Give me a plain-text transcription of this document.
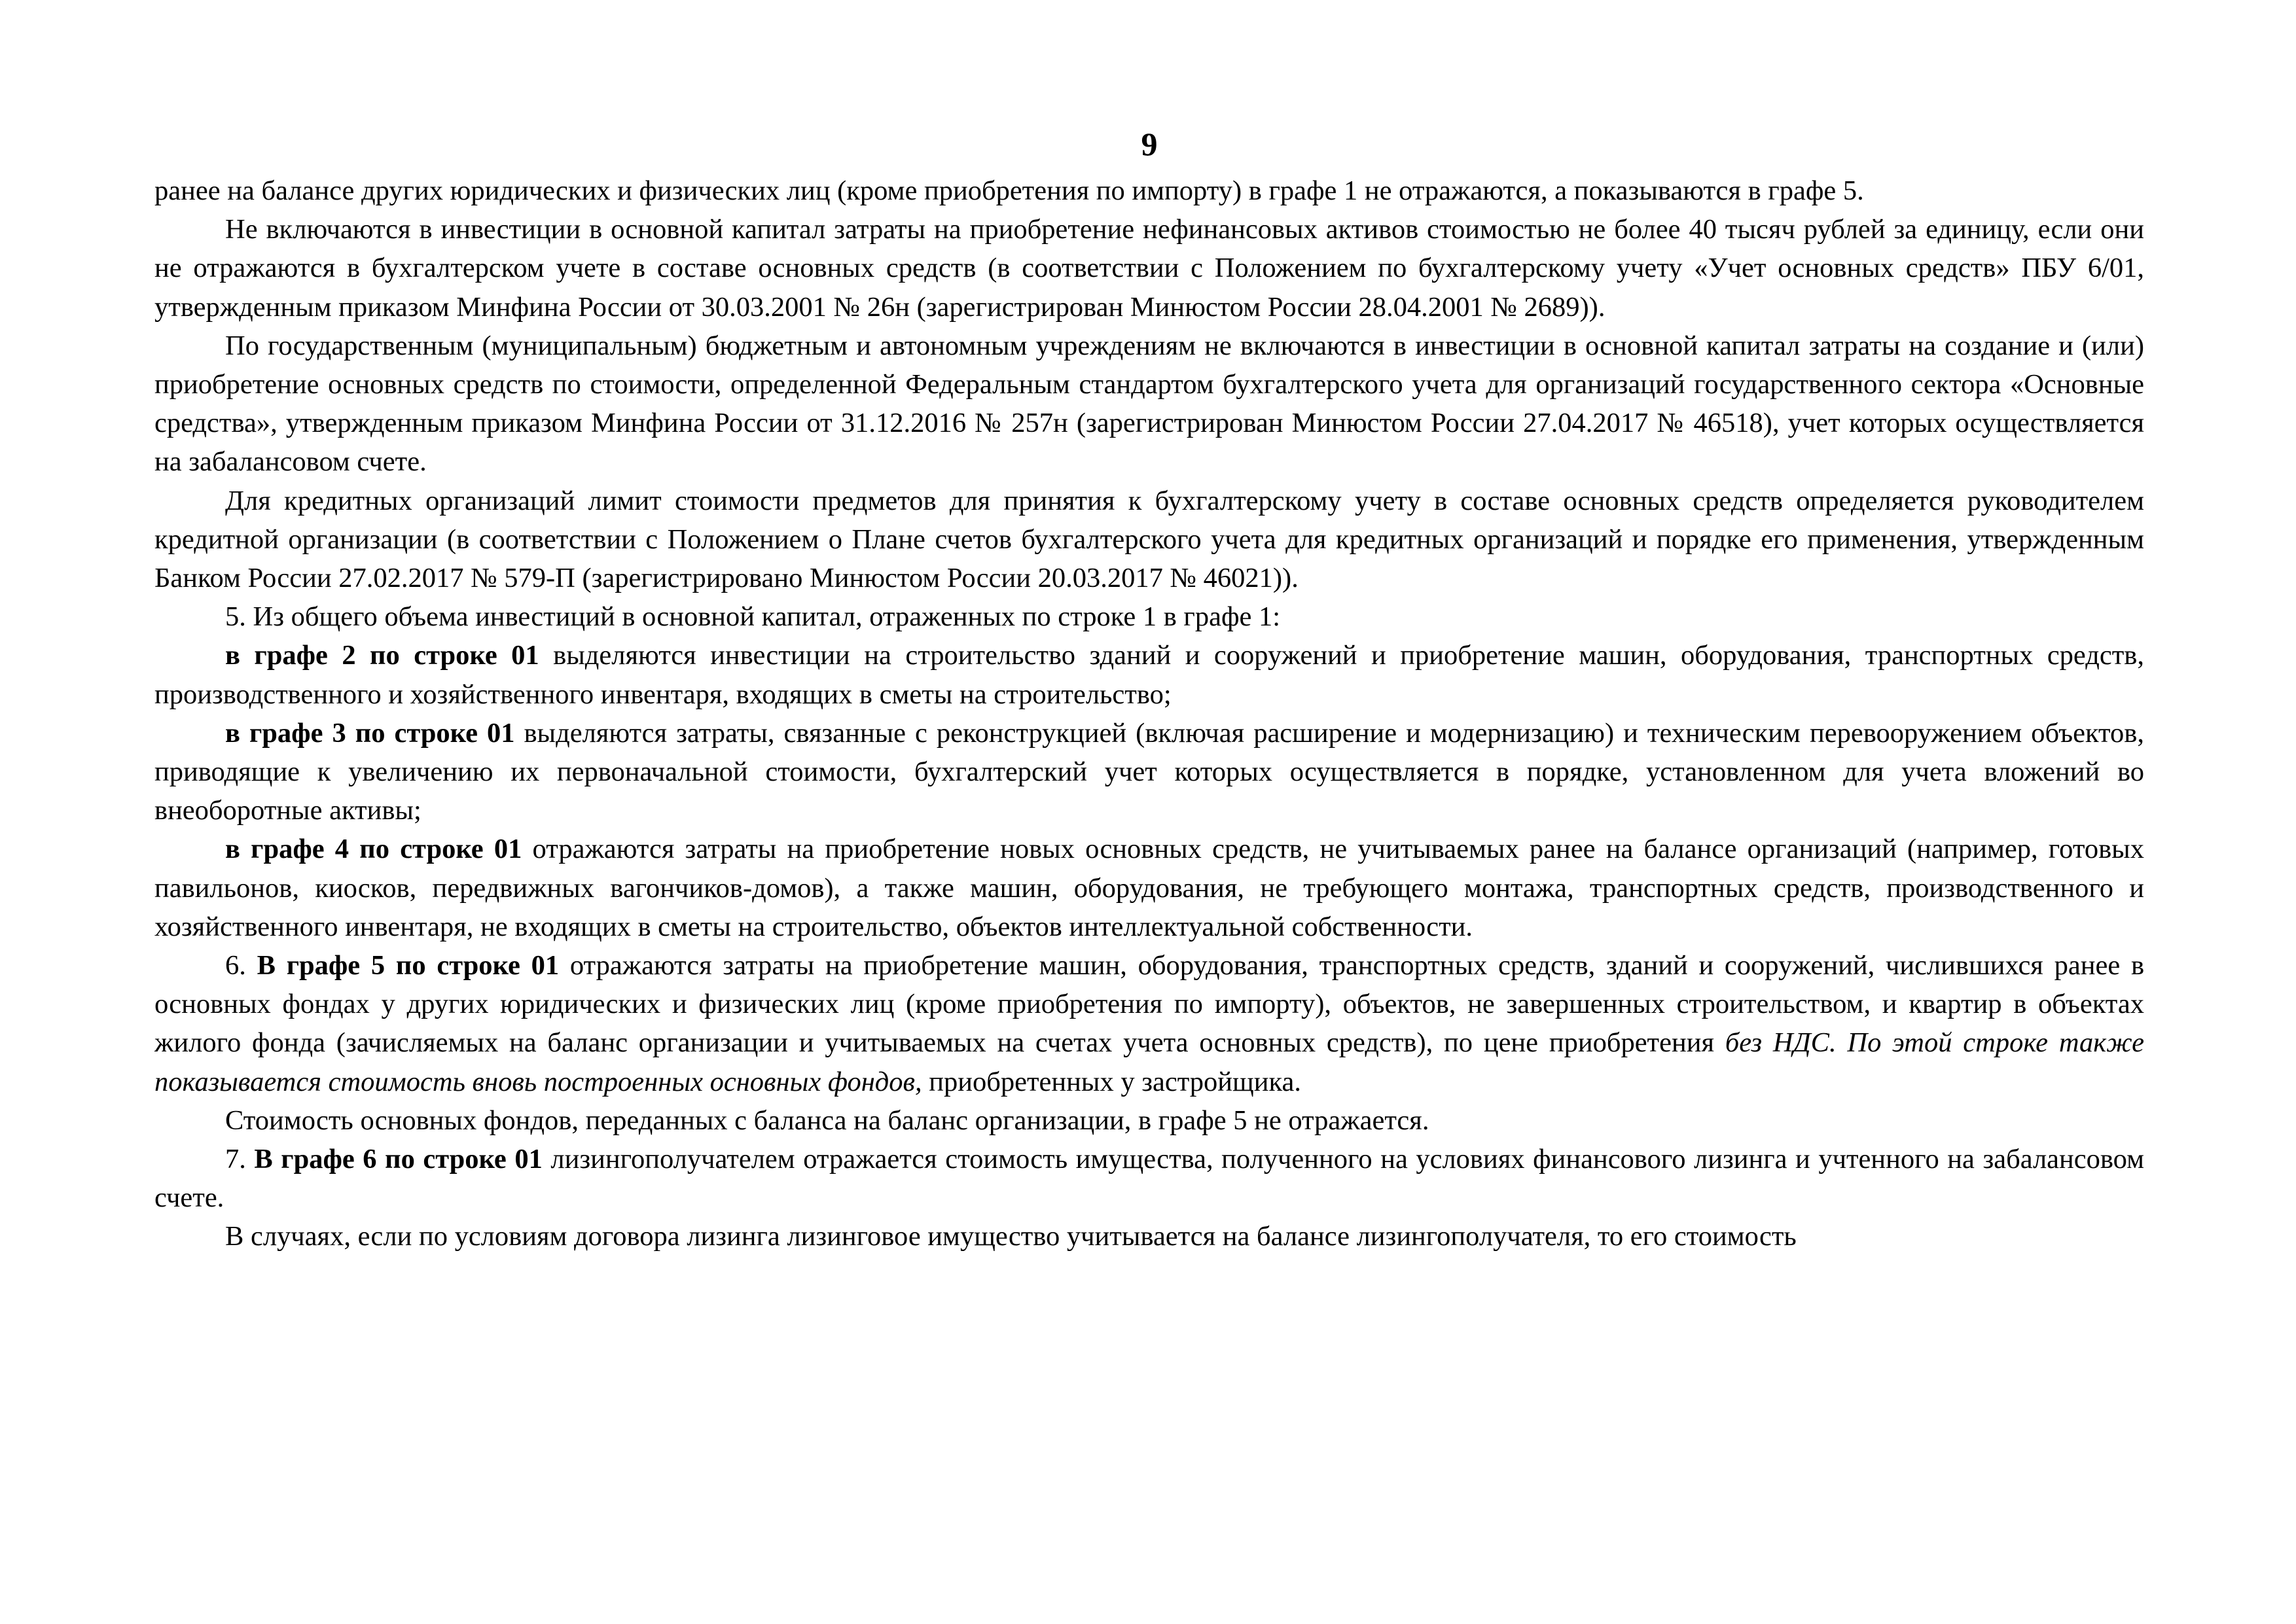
9

ранее на балансе других юридических и физических лиц (кроме приобретения по импорту) в графе 1 не отражаются, а показываются в графе 5.

Не включаются в инвестиции в основной капитал затраты на приобретение нефинансовых активов стоимостью не более 40 тысяч рублей за единицу, если они не отражаются в бухгалтерском учете в составе основных средств (в соответствии с Положением по бухгалтерскому учету «Учет основных средств» ПБУ 6/01, утвержденным приказом Минфина России от 30.03.2001 № 26н (зарегистрирован Минюстом России 28.04.2001 № 2689)).

По государственным (муниципальным) бюджетным и автономным учреждениям не включаются в инвестиции в основной капитал затраты на создание и (или) приобретение основных средств по стоимости, определенной Федеральным стандартом бухгалтерского учета для организаций государственного сектора «Основные средства», утвержденным приказом Минфина России от 31.12.2016 № 257н (зарегистрирован Минюстом России 27.04.2017 № 46518), учет которых осуществляется на забалансовом счете.

Для кредитных организаций лимит стоимости предметов для принятия к бухгалтерскому учету в составе основных средств определяется руководителем кредитной организации (в соответствии с Положением о Плане счетов бухгалтерского учета для кредитных организаций и порядке его применения, утвержденным Банком России 27.02.2017 № 579-П (зарегистрировано Минюстом России 20.03.2017 № 46021)).

5. Из общего объема инвестиций в основной капитал, отраженных по строке 1 в графе 1:

в графе 2 по строке 01 выделяются инвестиции на строительство зданий и сооружений и приобретение машин, оборудования, транспортных средств, производственного и хозяйственного инвентаря, входящих в сметы на строительство;

в графе 3 по строке 01 выделяются затраты, связанные с реконструкцией (включая расширение и модернизацию) и техническим перевооружением объектов, приводящие к увеличению их первоначальной стоимости, бухгалтерский учет которых осуществляется в порядке, установленном для учета вложений во внеоборотные активы;

в графе 4 по строке 01 отражаются затраты на приобретение новых основных средств, не учитываемых ранее на балансе организаций (например, готовых павильонов, киосков, передвижных вагончиков-домов), а также машин, оборудования, не требующего монтажа, транспортных средств, производственного и хозяйственного инвентаря, не входящих в сметы на строительство, объектов интеллектуальной собственности.

6. В графе 5 по строке 01 отражаются затраты на приобретение машин, оборудования, транспортных средств, зданий и сооружений, числившихся ранее в основных фондах у других юридических и физических лиц (кроме приобретения по импорту), объектов, не завершенных строительством, и квартир в объектах жилого фонда (зачисляемых на баланс организации и учитываемых на счетах учета основных средств), по цене приобретения без НДС. По этой строке также показывается стоимость вновь построенных основных фондов, приобретенных у застройщика.

Стоимость основных фондов, переданных с баланса на баланс организации, в графе 5 не отражается.

7. В графе 6 по строке 01 лизингополучателем отражается стоимость имущества, полученного на условиях финансового лизинга и учтенного на забалансовом счете.

В случаях, если по условиям договора лизинга лизинговое имущество учитывается на балансе лизингополучателя, то его стоимость
